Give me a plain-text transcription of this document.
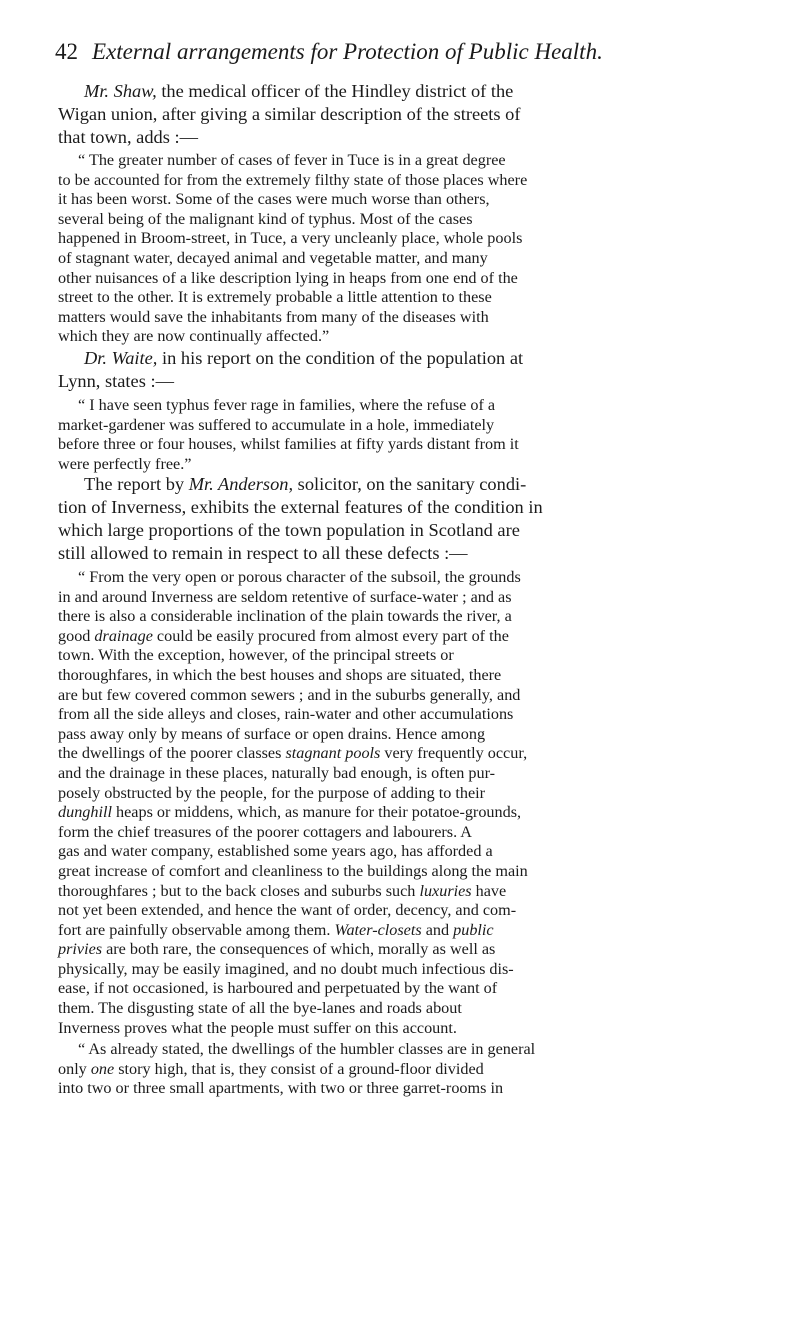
42 External arrangements for Protection of Public Health.
Mr. Shaw, the medical officer of the Hindley district of the
Wigan union, after giving a similar description of the streets of
that town, adds :—
“ The greater number of cases of fever in Tuce is in a great degree
to be accounted for from the extremely filthy state of those places where
it has been worst. Some of the cases were much worse than others,
several being of the malignant kind of typhus. Most of the cases
happened in Broom-street, in Tuce, a very uncleanly place, whole pools
of stagnant water, decayed animal and vegetable matter, and many
other nuisances of a like description lying in heaps from one end of the
street to the other. It is extremely probable a little attention to these
matters would save the inhabitants from many of the diseases with
which they are now continually affected.”
Dr. Waite, in his report on the condition of the population at
Lynn, states :—
“ I have seen typhus fever rage in families, where the refuse of a
market-gardener was suffered to accumulate in a hole, immediately
before three or four houses, whilst families at fifty yards distant from it
were perfectly free.”
The report by Mr. Anderson, solicitor, on the sanitary condi-
tion of Inverness, exhibits the external features of the condition in
which large proportions of the town population in Scotland are
still allowed to remain in respect to all these defects :—
“ From the very open or porous character of the subsoil, the grounds
in and around Inverness are seldom retentive of surface-water ; and as
there is also a considerable inclination of the plain towards the river, a
good drainage could be easily procured from almost every part of the
town. With the exception, however, of the principal streets or
thoroughfares, in which the best houses and shops are situated, there
are but few covered common sewers ; and in the suburbs generally, and
from all the side alleys and closes, rain-water and other accumulations
pass away only by means of surface or open drains. Hence among
the dwellings of the poorer classes stagnant pools very frequently occur,
and the drainage in these places, naturally bad enough, is often pur-
posely obstructed by the people, for the purpose of adding to their
dunghill heaps or middens, which, as manure for their potatoe-grounds,
form the chief treasures of the poorer cottagers and labourers. A
gas and water company, established some years ago, has afforded a
great increase of comfort and cleanliness to the buildings along the main
thoroughfares ; but to the back closes and suburbs such luxuries have
not yet been extended, and hence the want of order, decency, and com-
fort are painfully observable among them. Water-closets and public
privies are both rare, the consequences of which, morally as well as
physically, may be easily imagined, and no doubt much infectious dis-
ease, if not occasioned, is harboured and perpetuated by the want of
them. The disgusting state of all the bye-lanes and roads about
Inverness proves what the people must suffer on this account.
“ As already stated, the dwellings of the humbler classes are in general
only one story high, that is, they consist of a ground-floor divided
into two or three small apartments, with two or three garret-rooms in
